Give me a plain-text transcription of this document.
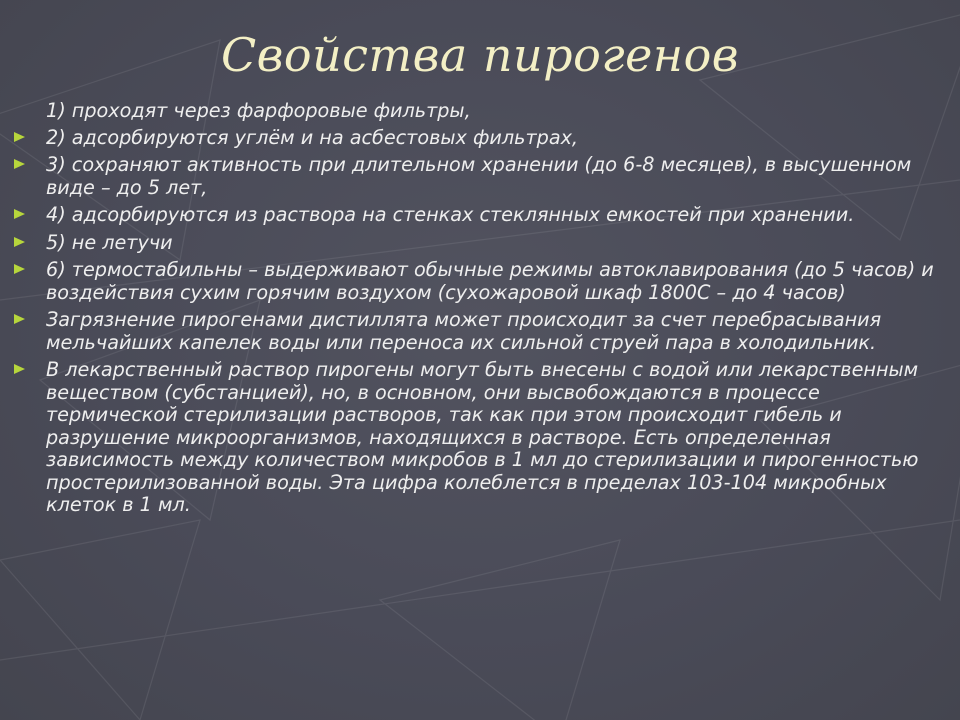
Свойства пирогенов
1) проходят через фарфоровые фильтры,
2) адсорбируются углём и на асбестовых фильтрах,
3) сохраняют активность при длительном хранении (до 6-8 месяцев), в высушенном виде – до 5 лет,
4) адсорбируются из раствора на стенках стеклянных емкостей при хранении.
5) не летучи
6) термостабильны – выдерживают обычные режимы автоклавирования (до 5 часов) и воздействия сухим горячим воздухом (сухожаровой шкаф 1800С – до 4 часов)
Загрязнение пирогенами дистиллята может происходит за счет перебрасывания мельчайших капелек воды или переноса их сильной струей пара в холодильник.
В лекарственный раствор пирогены могут быть внесены с водой или лекарственным веществом (субстанцией), но, в основном, они высвобождаются в процессе термической стерилизации растворов, так как при этом происходит гибель и разрушение микроорганизмов, находящихся в растворе. Есть определенная зависимость между количеством микробов в 1 мл до стерилизации и пирогенностью простерилизованной воды. Эта цифра колеблется в пределах 103-104 микробных клеток в 1 мл.
